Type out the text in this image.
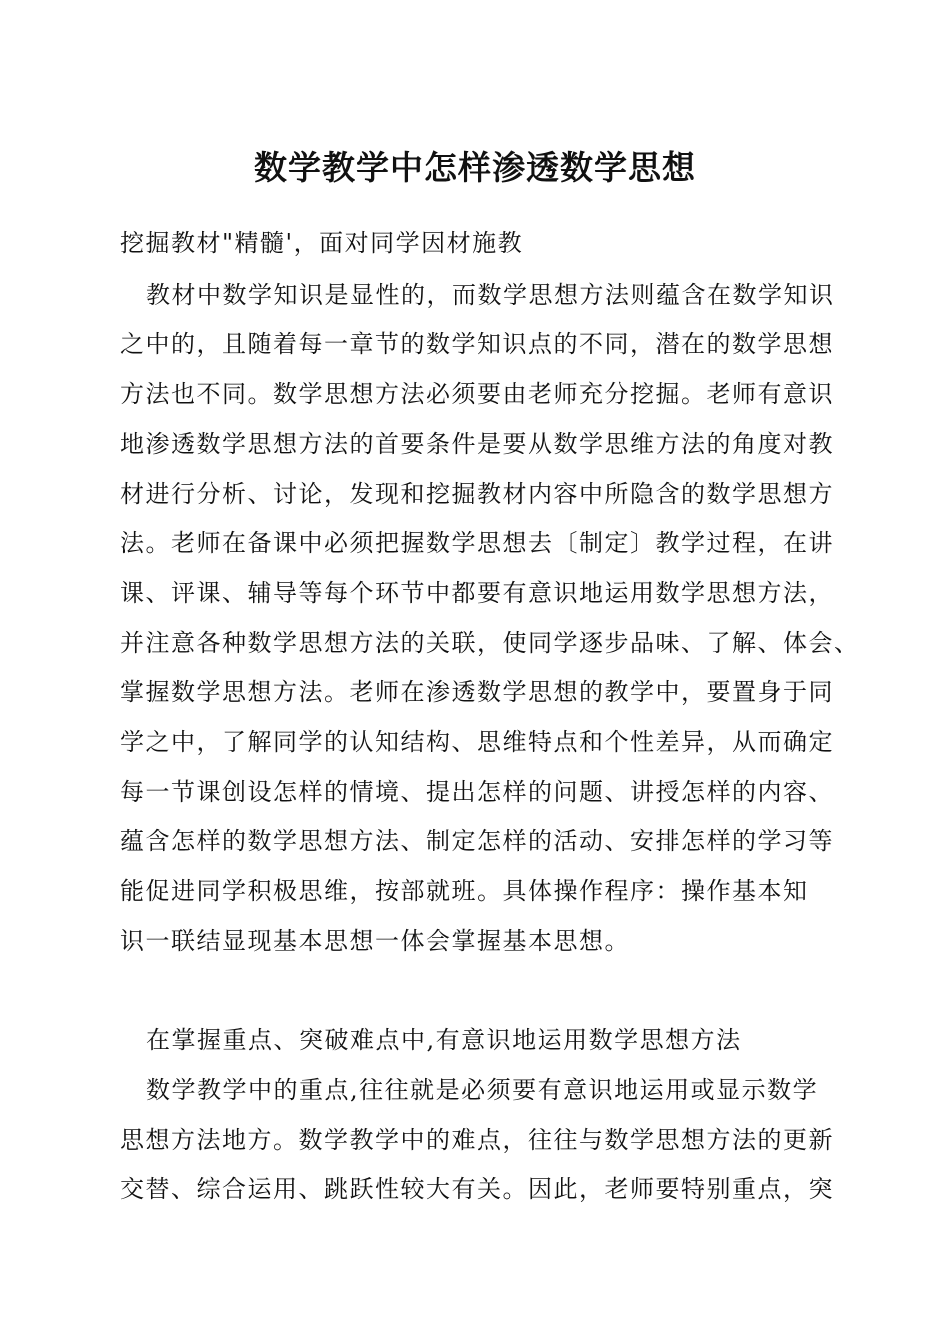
数学教学中怎样渗透数学思想
挖掘教材"精髓'，面对同学因材施教
教材中数学知识是显性的，而数学思想方法则蕴含在数学知识
之中的，且随着每一章节的数学知识点的不同，潜在的数学思想
方法也不同。数学思想方法必须要由老师充分挖掘。老师有意识
地渗透数学思想方法的首要条件是要从数学思维方法的角度对教
材进行分析、讨论，发现和挖掘教材内容中所隐含的数学思想方
法。老师在备课中必须把握数学思想去〔制定〕教学过程，在讲
课、评课、辅导等每个环节中都要有意识地运用数学思想方法，
并注意各种数学思想方法的关联，使同学逐步品味、了解、体会、
掌握数学思想方法。老师在渗透数学思想的教学中，要置身于同
学之中，了解同学的认知结构、思维特点和个性差异，从而确定
每一节课创设怎样的情境、提出怎样的问题、讲授怎样的内容、
蕴含怎样的数学思想方法、制定怎样的活动、安排怎样的学习等
能促进同学积极思维，按部就班。具体操作程序：操作基本知
识一联结显现基本思想一体会掌握基本思想。
在掌握重点、突破难点中,有意识地运用数学思想方法
数学教学中的重点,往往就是必须要有意识地运用或显示数学
思想方法地方。数学教学中的难点，往往与数学思想方法的更新
交替、综合运用、跳跃性较大有关。因此，老师要特别重点，突
